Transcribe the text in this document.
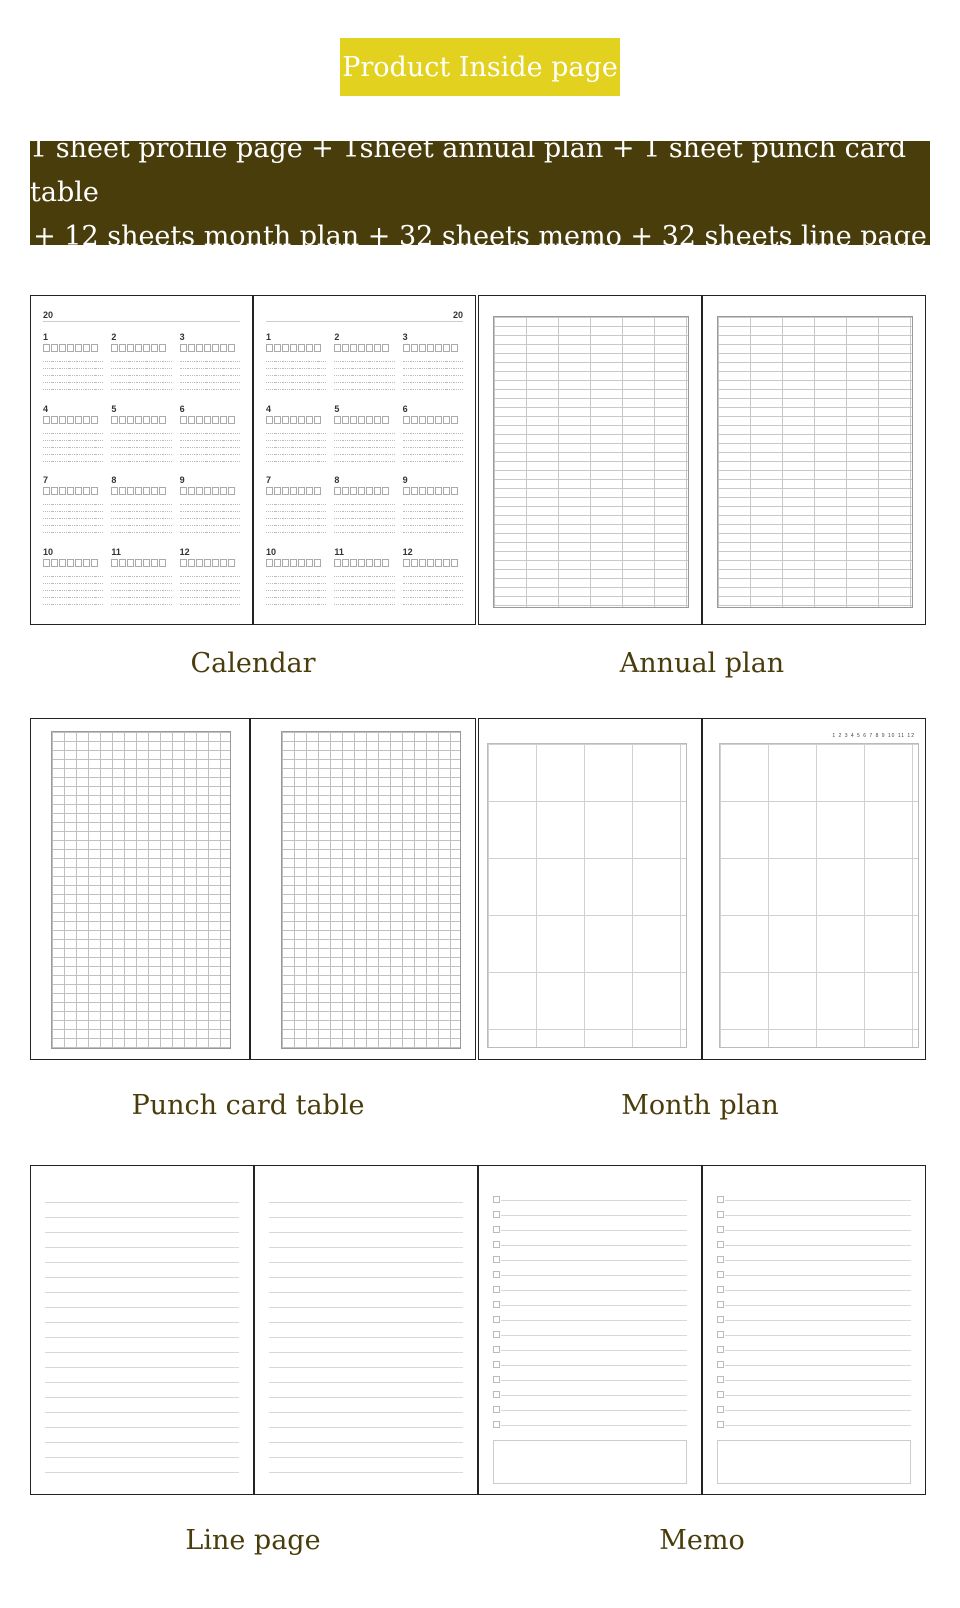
Product Inside page
1 sheet profile page + 1sheet annual plan + 1 sheet punch card table
+ 12 sheets month plan + 32 sheets memo + 32 sheets line page
20
1	2	3
4	5	6
7	8	9
10	11	12
20
1	2	3
4	5	6
7	8	9
10	11	12
Calendar	Annual plan
1 2 3 4 5 6 7 8 9 10 11 12
Punch card table	Month plan
Line page	Memo
